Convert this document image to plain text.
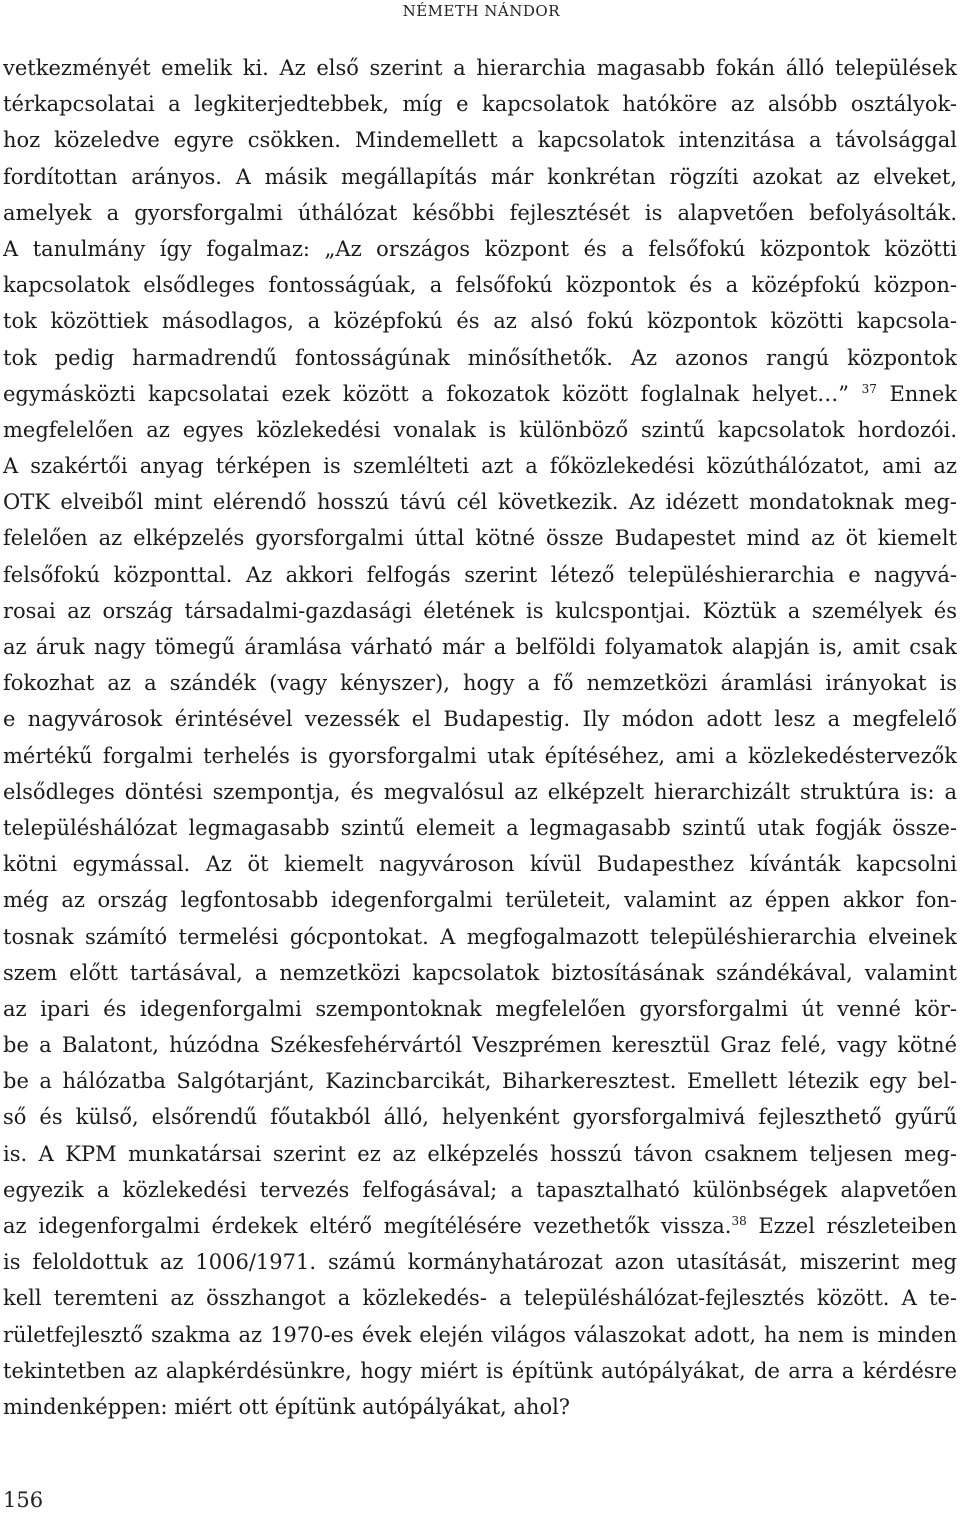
NÉMETH NÁNDOR
vetkezményét emelik ki. Az első szerint a hierarchia magasabb fokán álló települések
térkapcsolatai a legkiterjedtebbek, míg e kapcsolatok hatóköre az alsóbb osztályok-
hoz közeledve egyre csökken. Mindemellett a kapcsolatok intenzitása a távolsággal
fordítottan arányos. A másik megállapítás már konkrétan rögzíti azokat az elveket,
amelyek a gyorsforgalmi úthálózat későbbi fejlesztését is alapvetően befolyásolták.
A tanulmány így fogalmaz: „Az országos központ és a felsőfokú központok közötti
kapcsolatok elsődleges fontosságúak, a felsőfokú központok és a középfokú közpon-
tok közöttiek másodlagos, a középfokú és az alsó fokú központok közötti kapcsola-
tok pedig harmadrendű fontosságúnak minősíthetők. Az azonos rangú központok
egymásközti kapcsolatai ezek között a fokozatok között foglalnak helyet…” $^{37}$ Ennek
megfelelően az egyes közlekedési vonalak is különböző szintű kapcsolatok hordozói.
A szakértői anyag térképen is szemlélteti azt a főközlekedési közúthálózatot, ami az
OTK elveiből mint elérendő hosszú távú cél következik. Az idézett mondatoknak meg-
felelően az elképzelés gyorsforgalmi úttal kötné össze Budapestet mind az öt kiemelt
felsőfokú központtal. Az akkori felfogás szerint létező településhierarchia e nagyvá-
rosai az ország társadalmi-gazdasági életének is kulcspontjai. Köztük a személyek és
az áruk nagy tömegű áramlása várható már a belföldi folyamatok alapján is, amit csak
fokozhat az a szándék (vagy kényszer), hogy a fő nemzetközi áramlási irányokat is
e nagyvárosok érintésével vezessék el Budapestig. Ily módon adott lesz a megfelelő
mértékű forgalmi terhelés is gyorsforgalmi utak építéséhez, ami a közlekedéstervezők
elsődleges döntési szempontja, és megvalósul az elképzelt hierarchizált struktúra is: a
településhálózat legmagasabb szintű elemeit a legmagasabb szintű utak fogják össze-
kötni egymással. Az öt kiemelt nagyvároson kívül Budapesthez kívánták kapcsolni
még az ország legfontosabb idegenforgalmi területeit, valamint az éppen akkor fon-
tosnak számító termelési gócpontokat. A megfogalmazott településhierarchia elveinek
szem előtt tartásával, a nemzetközi kapcsolatok biztosításának szándékával, valamint
az ipari és idegenforgalmi szempontoknak megfelelően gyorsforgalmi út venné kör-
be a Balatont, húzódna Székesfehérvártól Veszprémen keresztül Graz felé, vagy kötné
be a hálózatba Salgótarjánt, Kazincbarcikát, Biharkeresztest. Emellett létezik egy bel-
ső és külső, elsőrendű főutakból álló, helyenként gyorsforgalmivá fejleszthető gyűrű
is. A KPM munkatársai szerint ez az elképzelés hosszú távon csaknem teljesen meg-
egyezik a közlekedési tervezés felfogásával; a tapasztalható különbségek alapvetően
az idegenforgalmi érdekek eltérő megítélésére vezethetők vissza.$^{38}$ Ezzel részleteiben
is feloldottuk az 1006/1971. számú kormányhatározat azon utasítását, miszerint meg
kell teremteni az összhangot a közlekedés- a településhálózat-fejlesztés között. A te-
rületfejlesztő szakma az 1970-es évek elején világos válaszokat adott, ha nem is minden
tekintetben az alapkérdésünkre, hogy miért is építünk autópályákat, de arra a kérdésre
mindenképpen: miért ott építünk autópályákat, ahol?
156
